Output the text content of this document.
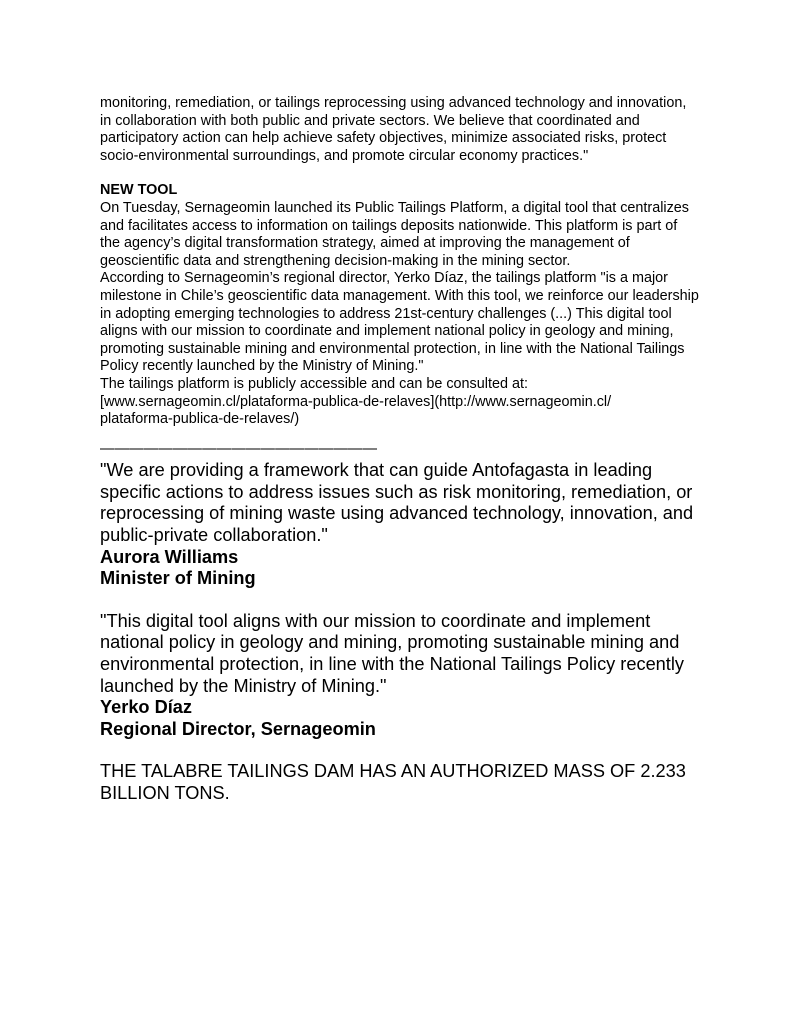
monitoring, remediation, or tailings reprocessing using advanced technology and innovation, in collaboration with both public and private sectors. We believe that coordinated and participatory action can help achieve safety objectives, minimize associated risks, protect socio-environmental surroundings, and promote circular economy practices."

NEW TOOL

On Tuesday, Sernageomin launched its Public Tailings Platform, a digital tool that centralizes and facilitates access to information on tailings deposits nationwide. This platform is part of the agency’s digital transformation strategy, aimed at improving the management of geoscientific data and strengthening decision-making in the mining sector.

According to Sernageomin’s regional director, Yerko Díaz, the tailings platform "is a major milestone in Chile’s geoscientific data management. With this tool, we reinforce our leadership in adopting emerging technologies to address 21st-century challenges (...) This digital tool aligns with our mission to coordinate and implement national policy in geology and mining, promoting sustainable mining and environmental protection, in line with the National Tailings Policy recently launched by the Ministry of Mining."

The tailings platform is publicly accessible and can be consulted at:

[www.sernageomin.cl/plataforma-publica-de-relaves](http://www.sernageomin.cl/

plataforma-publica-de-relaves/)

———————————————————

"We are providing a framework that can guide Antofagasta in leading specific actions to address issues such as risk monitoring, remediation, or reprocessing of mining waste using advanced technology, innovation, and public-private collaboration."

Aurora Williams

Minister of Mining

"This digital tool aligns with our mission to coordinate and implement national policy in geology and mining, promoting sustainable mining and environmental protection, in line with the National Tailings Policy recently launched by the Ministry of Mining."

Yerko Díaz

Regional Director, Sernageomin

THE TALABRE TAILINGS DAM HAS AN AUTHORIZED MASS OF 2.233 BILLION TONS.
